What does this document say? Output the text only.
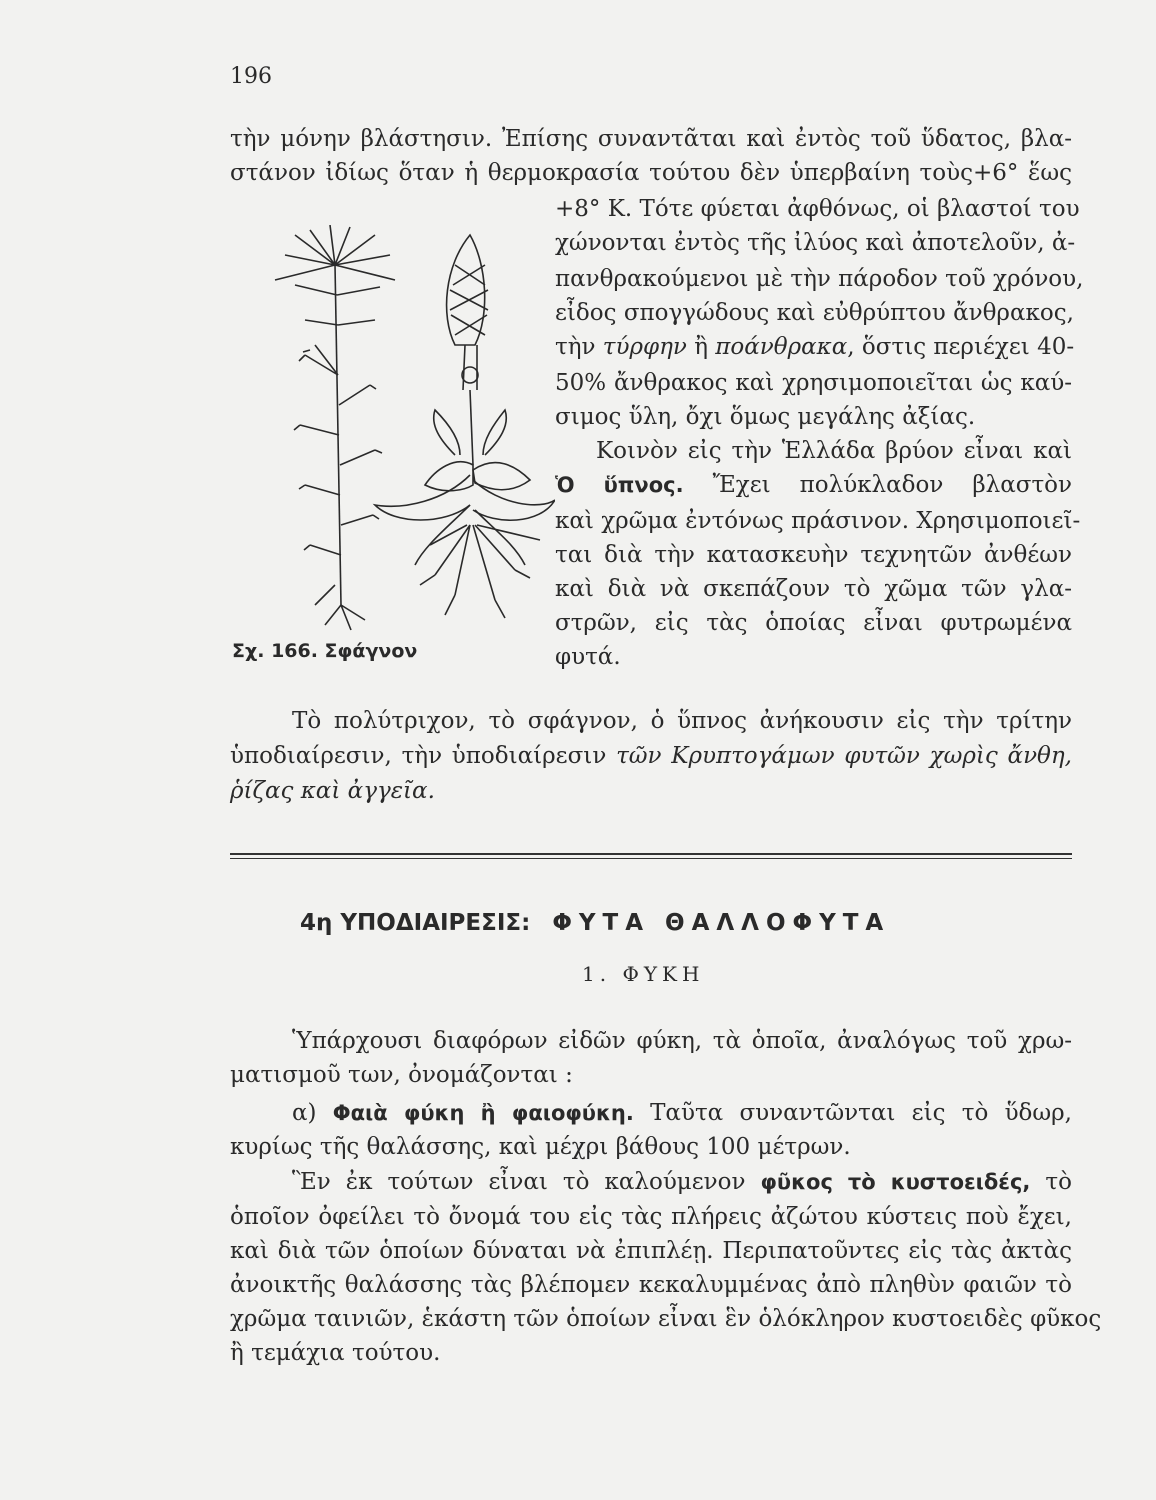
196
τὴν μόνην βλάστησιν. Ἐπίσης συναντᾶται καὶ ἐντὸς τοῦ ὕδατος, βλα-
στάνον ἰδίως ὅταν ἡ θερμοκρασία τούτου δὲν ὑπερβαίνη τοὺς+6° ἕως
+8° Κ. Τότε φύεται ἀφθόνως, οἱ βλαστοί του
χώνονται ἐντὸς τῆς ἰλύος καὶ ἀποτελοῦν, ἀ-
πανθρακούμενοι μὲ τὴν πάροδον τοῦ χρόνου,
εἶδος σπογγώδους καὶ εὐθρύπτου ἄνθρακος,
τὴν τύρφην ἢ ποάνθρακα, ὅστις περιέχει 40-
50% ἄνθρακος καὶ χρησιμοποιεῖται ὡς καύ-
σιμος ὕλη, ὄχι ὅμως μεγάλης ἀξίας.
Κοινὸν εἰς τὴν Ἑλλάδα βρύον εἶναι καὶ
Ὁ ὕπνος. Ἔχει πολύκλαδον βλαστὸν
καὶ χρῶμα ἐντόνως πράσινον. Χρησιμοποιεῖ-
ται διὰ τὴν κατασκευὴν τεχνητῶν ἀνθέων
καὶ διὰ νὰ σκεπάζουν τὸ χῶμα τῶν γλα-
στρῶν, εἰς τὰς ὁποίας εἶναι φυτρωμένα
φυτά.
Σχ. 166. Σφάγνον
Τὸ πολύτριχον, τὸ σφάγνον, ὁ ὕπνος ἀνήκουσιν εἰς τὴν τρίτην
ὑποδιαίρεσιν, τὴν ὑποδιαίρεσιν τῶν Κρυπτογάμων φυτῶν χωρὶς ἄνθη,
ῥίζας καὶ ἀγγεῖα.
4η ΥΠΟΔΙΑΙΡΕΣΙΣ: ΦΥΤΑ ΘΑΛΛΟΦΥΤΑ
1. ΦΥΚΗ
Ὑπάρχουσι διαφόρων εἰδῶν φύκη, τὰ ὁποῖα, ἀναλόγως τοῦ χρω-
ματισμοῦ των, ὀνομάζονται :
α) Φαιὰ φύκη ἢ φαιοφύκη. Ταῦτα συναντῶνται εἰς τὸ ὕδωρ,
κυρίως τῆς θαλάσσης, καὶ μέχρι βάθους 100 μέτρων.
Ἓν ἐκ τούτων εἶναι τὸ καλούμενον φῦκος τὸ κυστοειδές, τὸ
ὁποῖον ὀφείλει τὸ ὄνομά του εἰς τὰς πλήρεις ἀζώτου κύστεις ποὺ ἔχει,
καὶ διὰ τῶν ὁποίων δύναται νὰ ἐπιπλέῃ. Περιπατοῦντες εἰς τὰς ἀκτὰς
ἀνοικτῆς θαλάσσης τὰς βλέπομεν κεκαλυμμένας ἀπὸ πληθὺν φαιῶν τὸ
χρῶμα ταινιῶν, ἑκάστη τῶν ὁποίων εἶναι ἓν ὁλόκληρον κυστοειδὲς φῦκος
ἢ τεμάχια τούτου.
